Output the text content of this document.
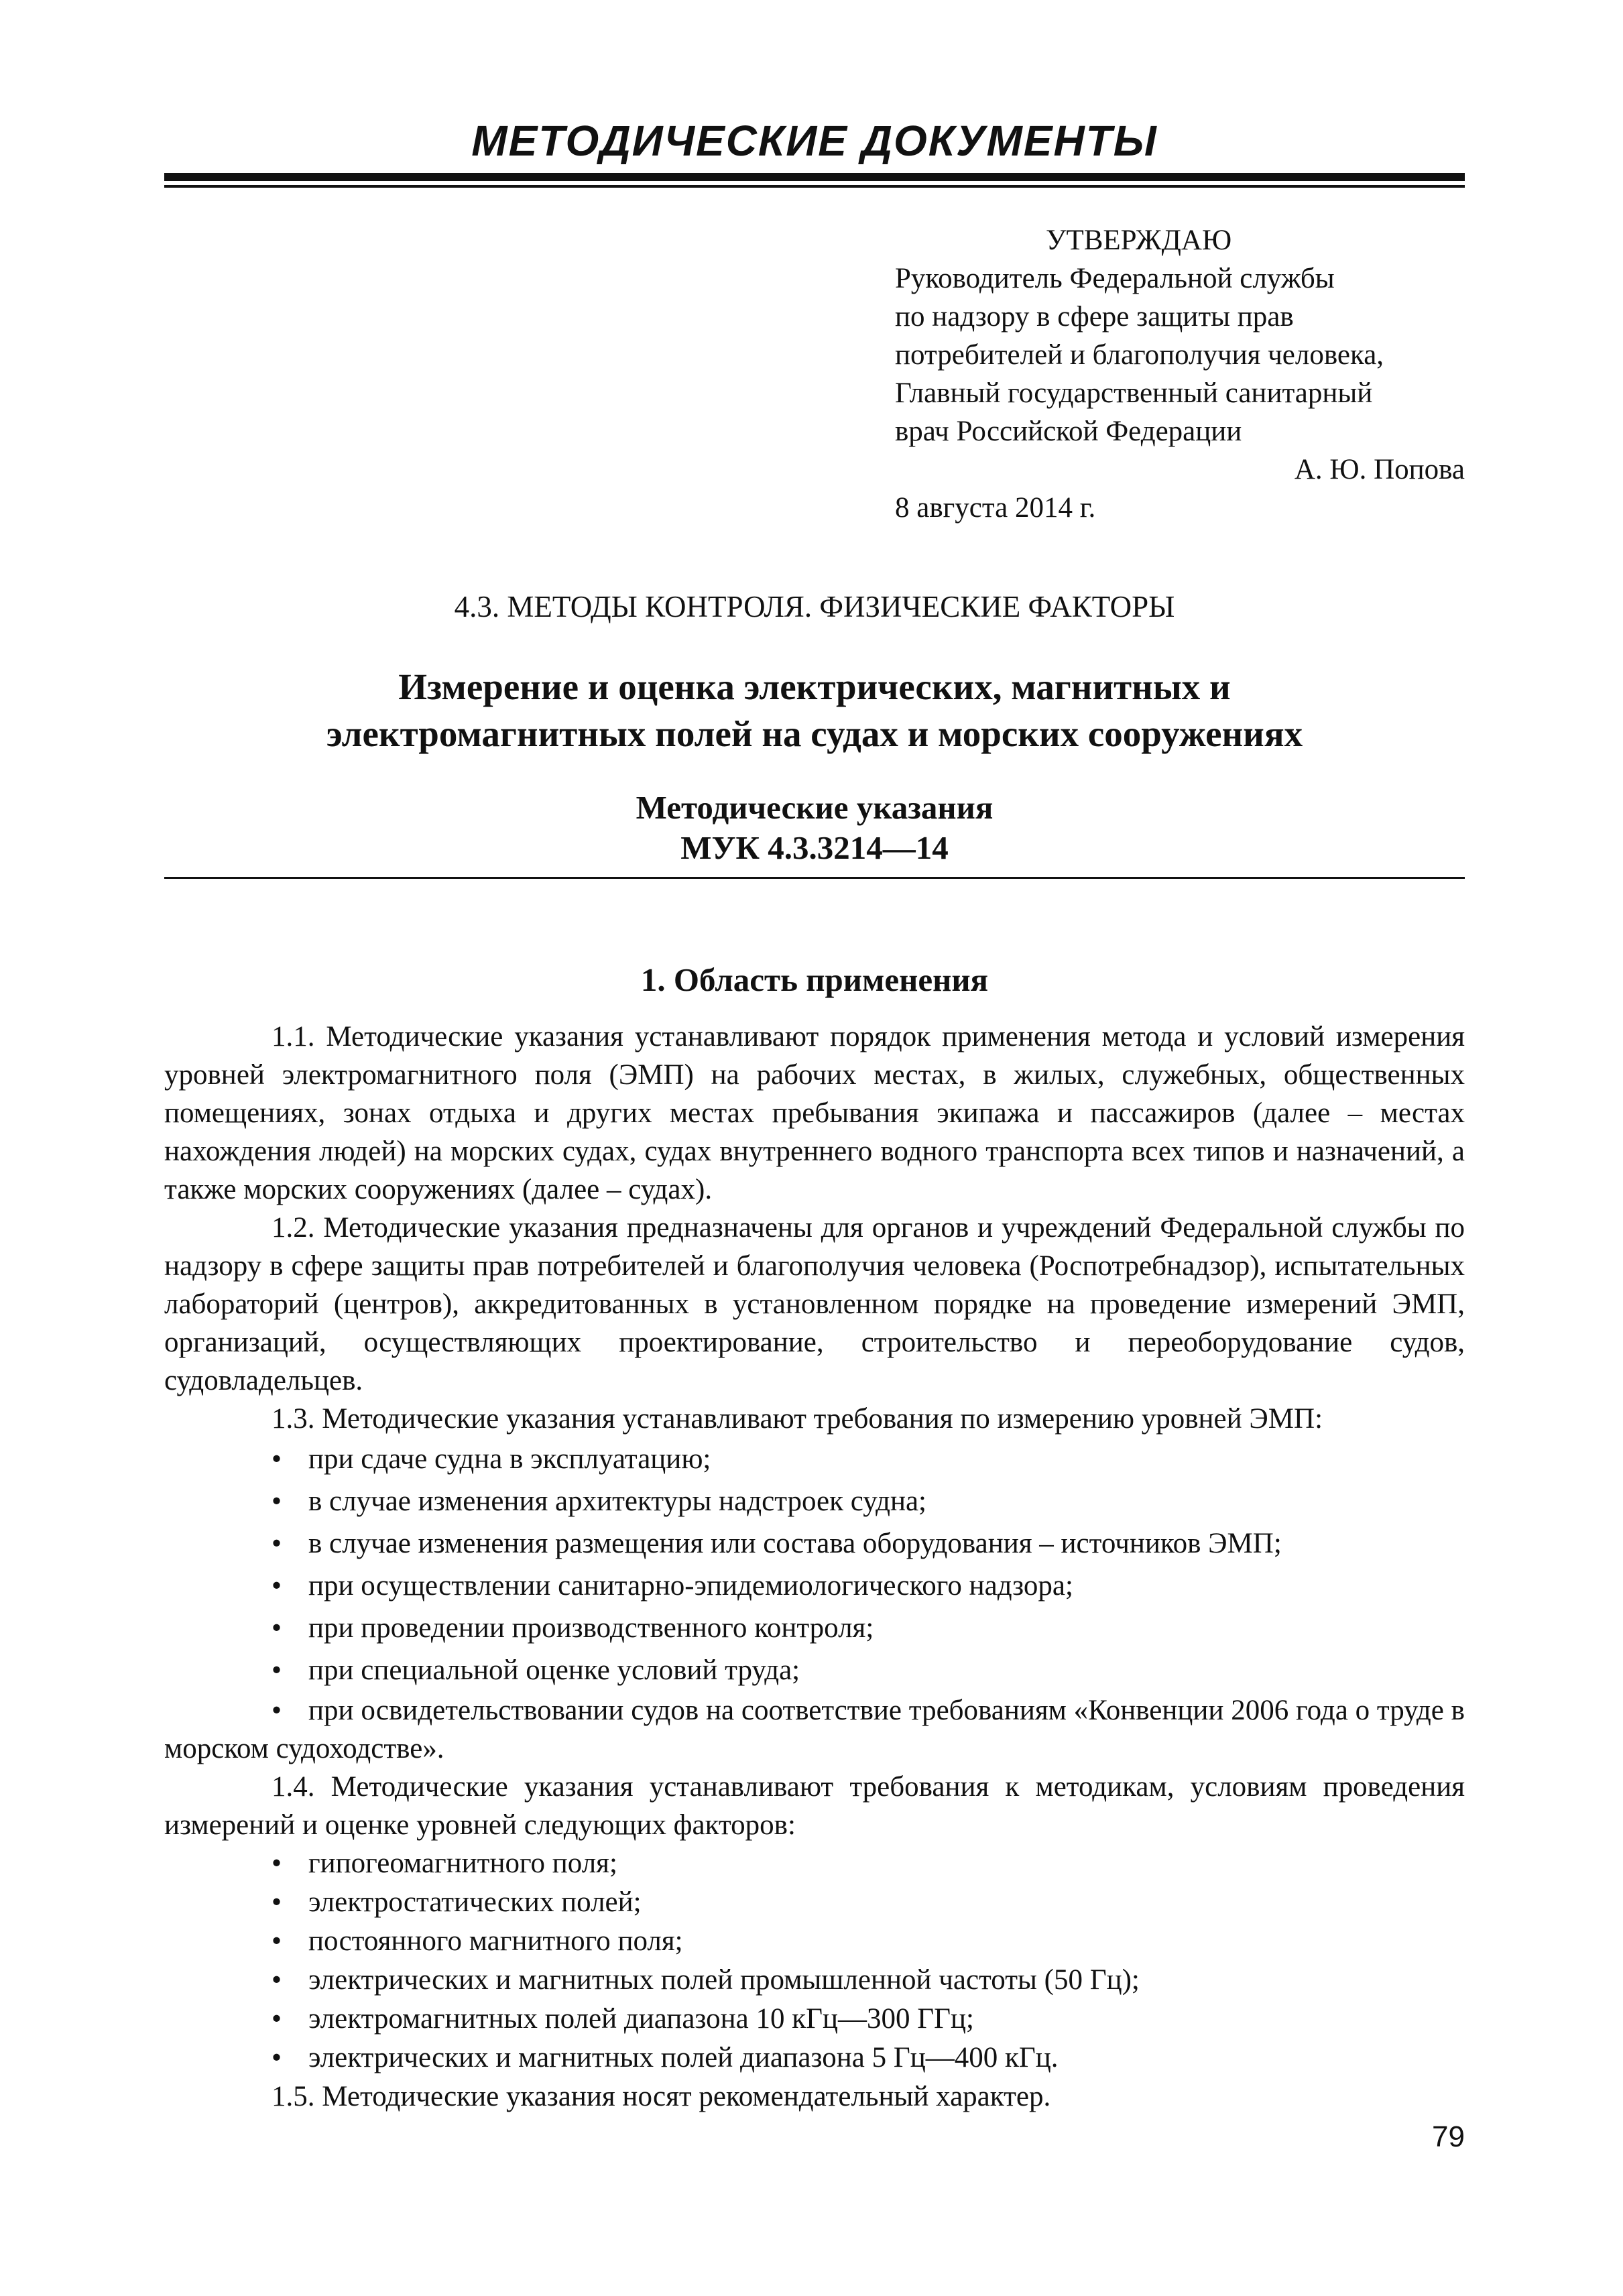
МЕТОДИЧЕСКИЕ ДОКУМЕНТЫ
УТВЕРЖДАЮ
Руководитель Федеральной службы
по надзору в сфере защиты прав
потребителей и благополучия человека,
Главный государственный санитарный
врач Российской Федерации
А. Ю. Попова
8 августа 2014 г.
4.3. МЕТОДЫ КОНТРОЛЯ. ФИЗИЧЕСКИЕ ФАКТОРЫ
Измерение и оценка электрических, магнитных и
электромагнитных полей на судах и морских сооружениях
Методические указания
МУК 4.3.3214—14
1. Область применения

1.1. Методические указания устанавливают порядок применения метода и условий измерения уровней электромагнитного поля (ЭМП) на рабочих местах, в жилых, служебных, общественных помещениях, зонах отдыха и других местах пребывания экипажа и пассажиров (далее – местах нахождения людей) на морских судах, судах внутреннего водного транспорта всех типов и назначений, а также морских сооружениях (далее – судах).

1.2. Методические указания предназначены для органов и учреждений Федеральной службы по надзору в сфере защиты прав потребителей и благополучия человека (Роспотребнадзор), испытательных лабораторий (центров), аккредитованных в установленном порядке на проведение измерений ЭМП, организаций, осуществляющих проектирование, строительство и переоборудование судов, судовладельцев.

1.3. Методические указания устанавливают требования по измерению уровней ЭМП:

• при сдаче судна в эксплуатацию;
• в случае изменения архитектуры надстроек судна;
• в случае изменения размещения или состава оборудования – источников ЭМП;
• при осуществлении санитарно-эпидемиологического надзора;
• при проведении производственного контроля;
• при специальной оценке условий труда;
• при освидетельствовании судов на соответствие требованиям «Конвенции 2006 года о труде в морском судоходстве».

1.4. Методические указания устанавливают требования к методикам, условиям проведения измерений и оценке уровней следующих факторов:

• гипогеомагнитного поля;
• электростатических полей;
• постоянного магнитного поля;
• электрических и магнитных полей промышленной частоты (50 Гц);
• электромагнитных полей диапазона 10 кГц—300 ГГц;
• электрических и магнитных полей диапазона 5 Гц—400 кГц.

1.5. Методические указания носят рекомендательный характер.

79
